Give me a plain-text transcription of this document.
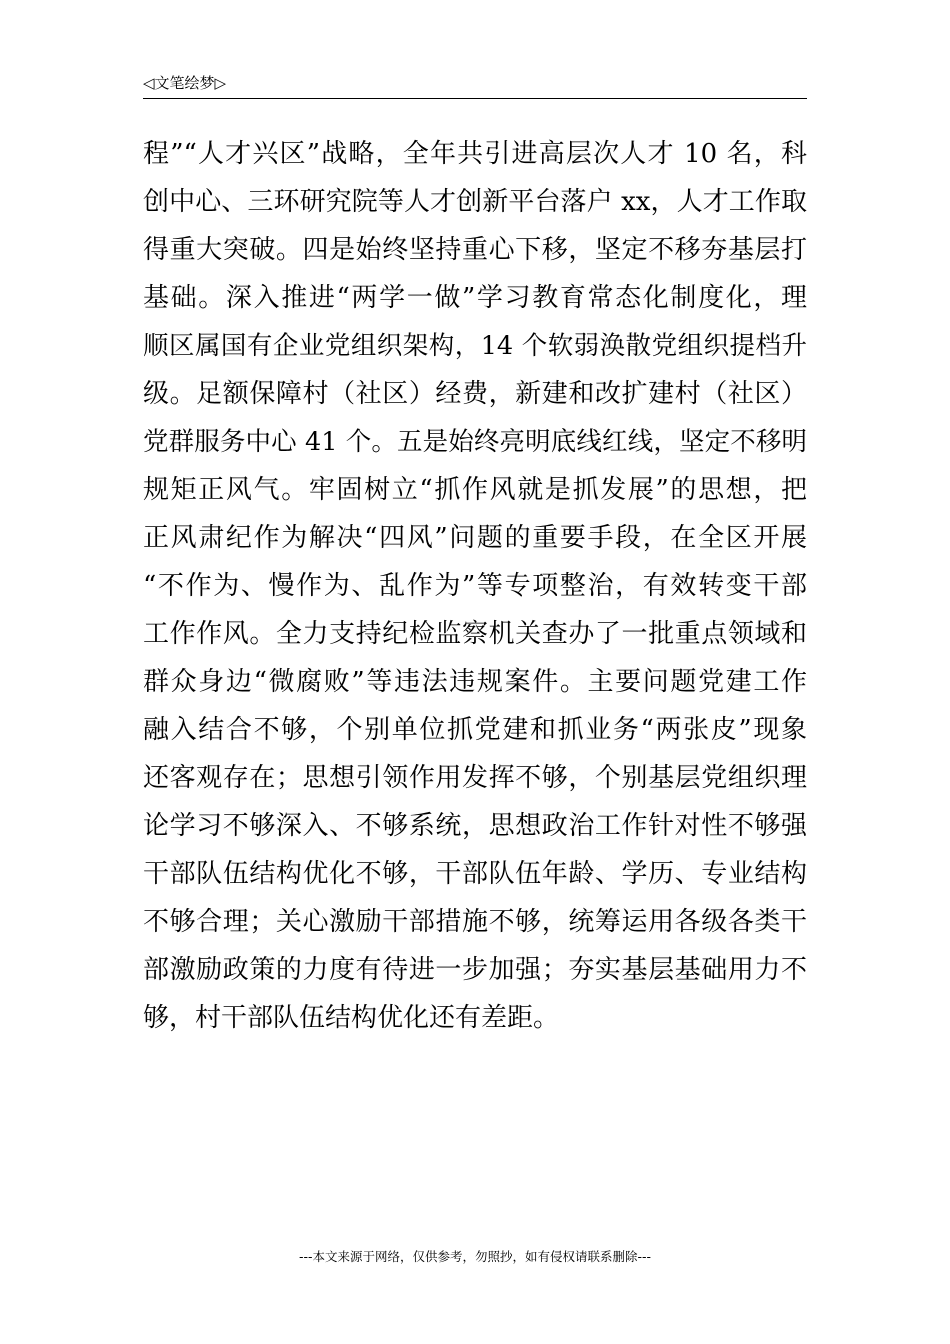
◁文笔绘梦▷
程”“人才兴区”战略，全年共引进高层次人才 10 名，科
创中心、三环研究院等人才创新平台落户 xx，人才工作取
得重大突破。四是始终坚持重心下移，坚定不移夯基层打
基础。深入推进“两学一做”学习教育常态化制度化，理
顺区属国有企业党组织架构，14 个软弱涣散党组织提档升
级。足额保障村（社区）经费，新建和改扩建村（社区）
党群服务中心 41 个。五是始终亮明底线红线，坚定不移明
规矩正风气。牢固树立“抓作风就是抓发展”的思想，把
正风肃纪作为解决“四风”问题的重要手段，在全区开展
“不作为、慢作为、乱作为”等专项整治，有效转变干部
工作作风。全力支持纪检监察机关查办了一批重点领域和
群众身边“微腐败”等违法违规案件。主要问题党建工作
融入结合不够，个别单位抓党建和抓业务“两张皮”现象
还客观存在；思想引领作用发挥不够，个别基层党组织理
论学习不够深入、不够系统，思想政治工作针对性不够强
干部队伍结构优化不够，干部队伍年龄、学历、专业结构
不够合理；关心激励干部措施不够，统筹运用各级各类干
部激励政策的力度有待进一步加强；夯实基层基础用力不
够，村干部队伍结构优化还有差距。
---本文来源于网络，仅供参考，勿照抄，如有侵权请联系删除---
